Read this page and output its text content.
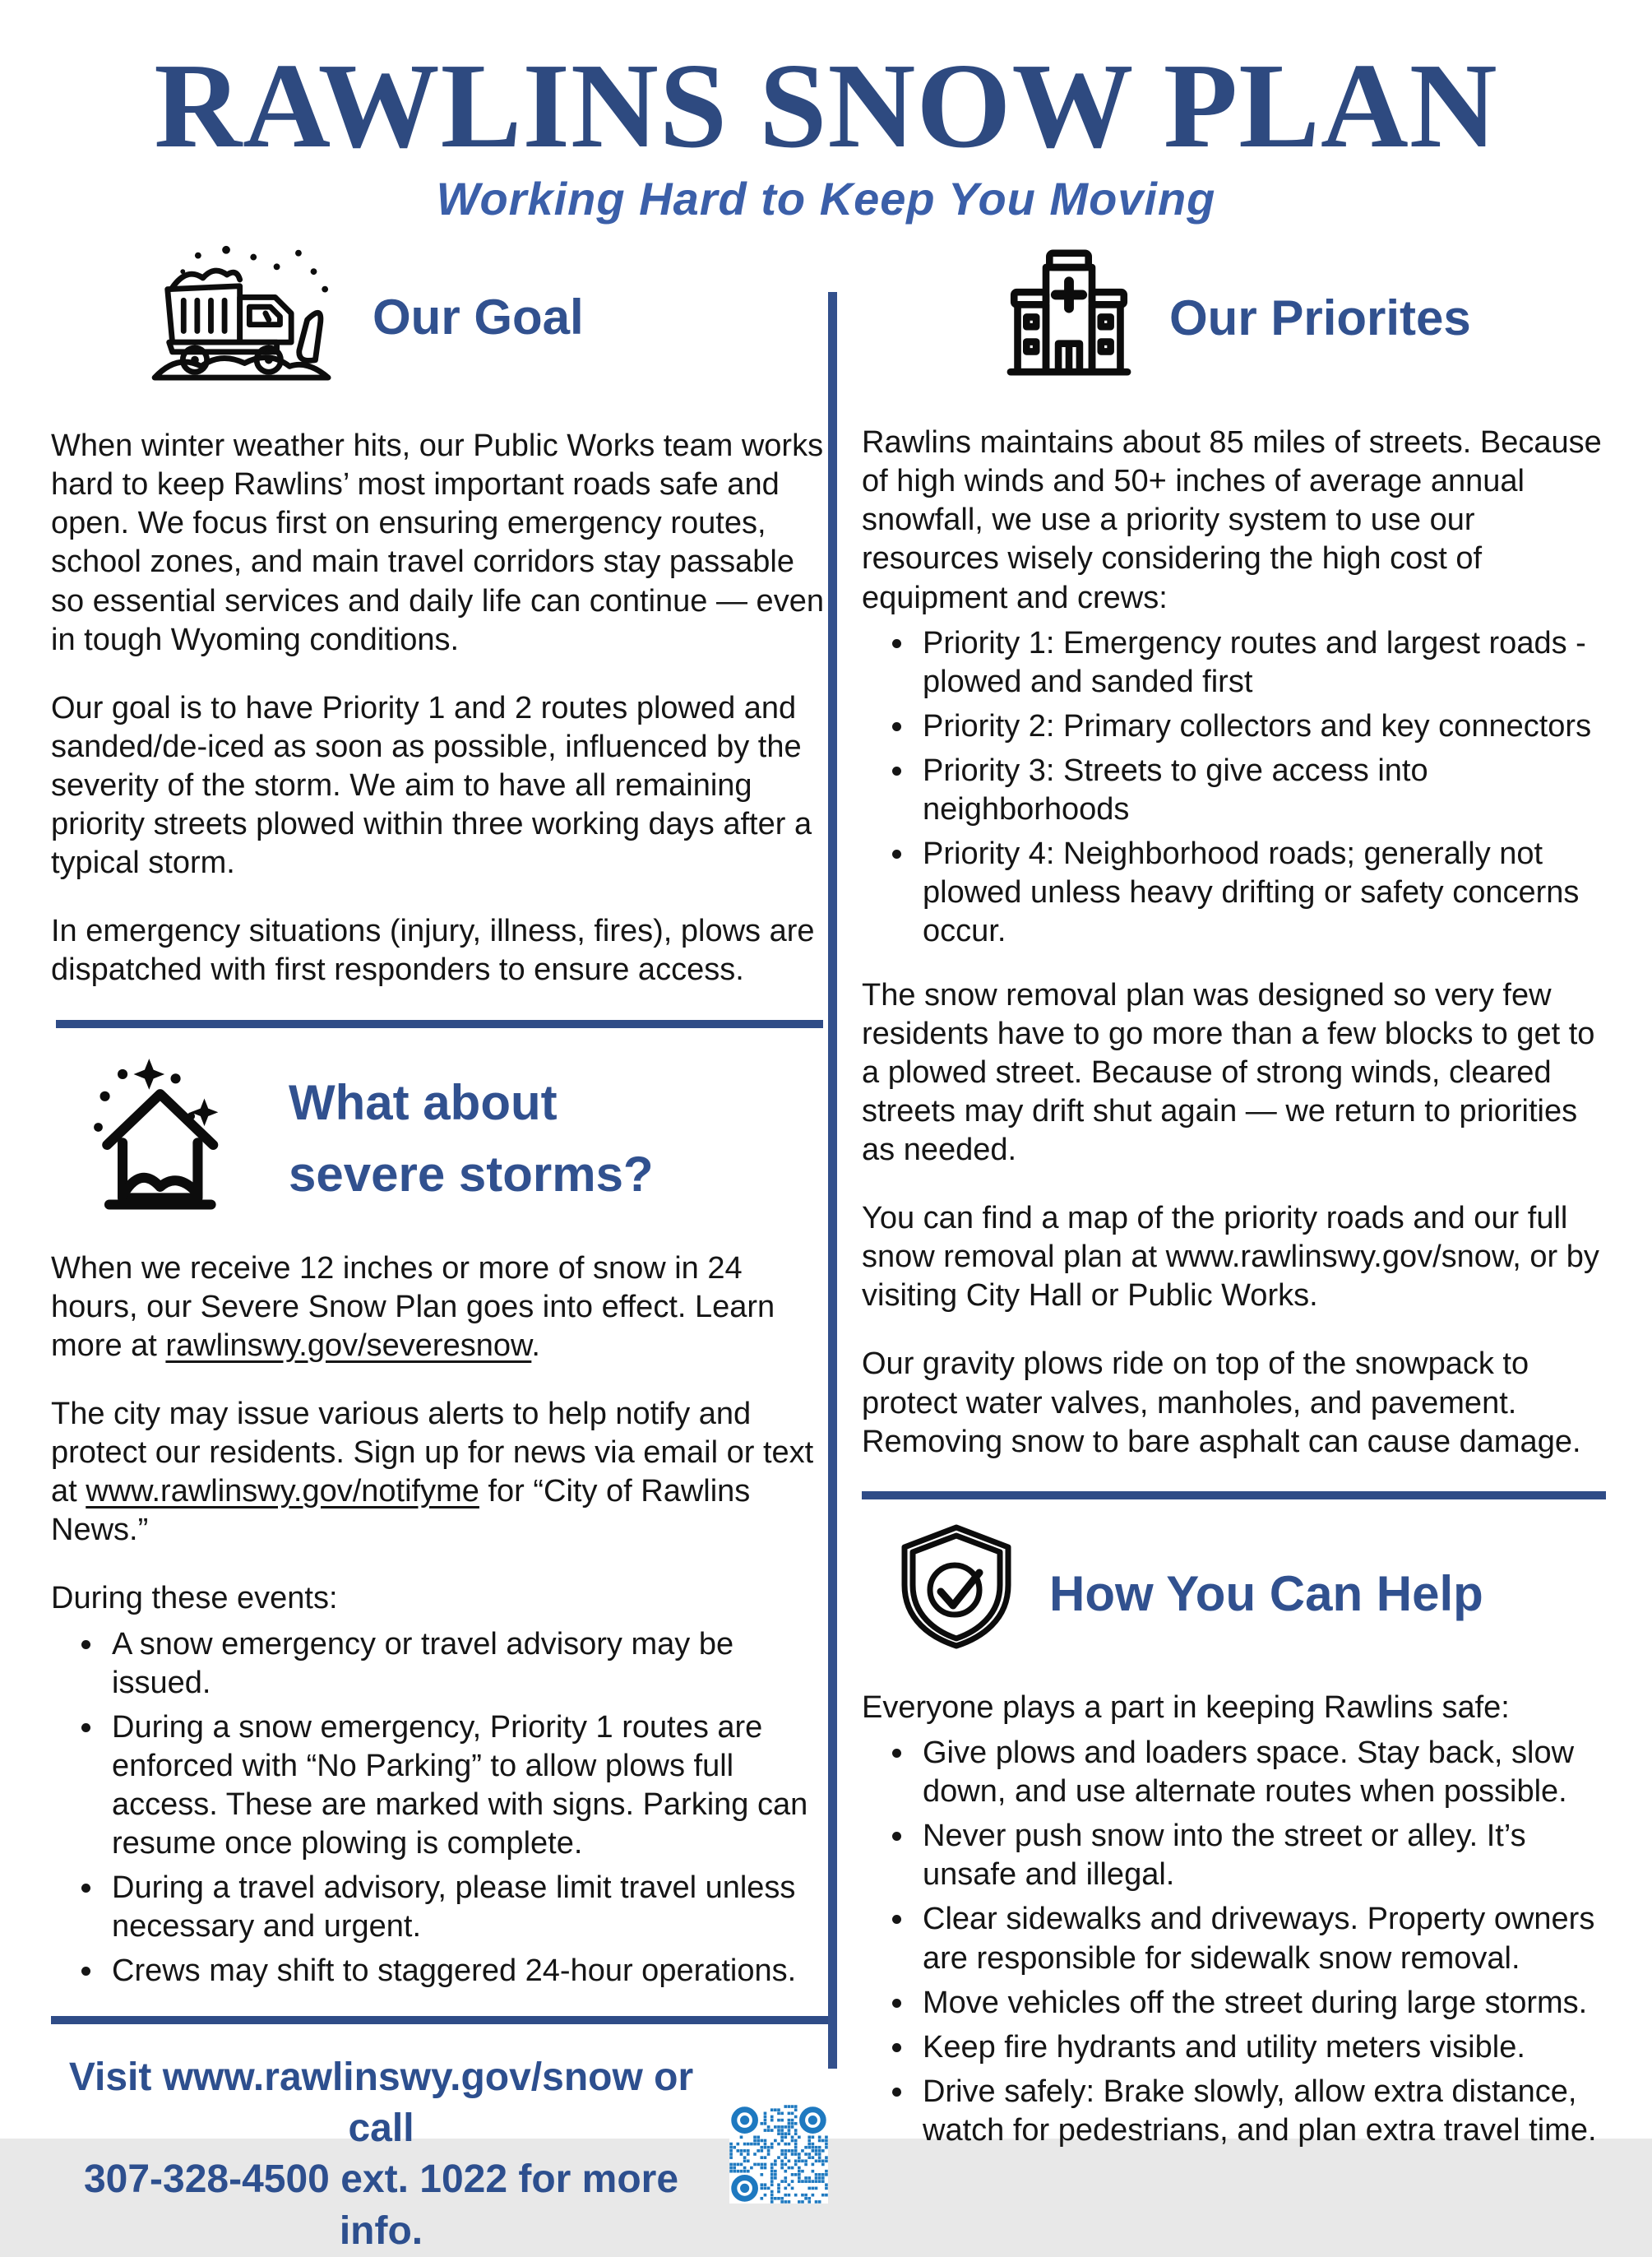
RAWLINS SNOW PLAN
Working Hard to Keep You Moving
Our Goal

When winter weather hits, our Public Works team works hard to keep Rawlins’ most important roads safe and open. We focus first on ensuring emergency routes, school zones, and main travel corridors stay passable so essential services and daily life can continue — even in tough Wyoming conditions.

Our goal is to have Priority 1 and 2 routes plowed and sanded/de-iced as soon as possible, influenced by the severity of the storm. We aim to have all remaining priority streets plowed within three working days after a typical storm.

In emergency situations (injury, illness, fires), plows are dispatched with first responders to ensure access.

What about
severe storms?

When we receive 12 inches or more of snow in 24 hours, our Severe Snow Plan goes into effect. Learn more at rawlinswy.gov/severesnow.

The city may issue various alerts to help notify and protect our residents. Sign up for news via email or text at www.rawlinswy.gov/notifyme for “City of Rawlins News.”

During these events:

• A snow emergency or travel advisory may be issued.
• During a snow emergency, Priority 1 routes are enforced with “No Parking” to allow plows full access. These are marked with signs. Parking can resume once plowing is complete.
• During a travel advisory, please limit travel unless necessary and urgent.
• Crews may shift to staggered 24-hour operations.
Visit www.rawlinswy.gov/snow or call
307-328-4500 ext. 1022 for more info.
Our Priorites

Rawlins maintains about 85 miles of streets. Because of high winds and 50+ inches of average annual snowfall, we use a priority system to use our resources wisely considering the high cost of equipment and crews:

• Priority 1: Emergency routes and largest roads - plowed and sanded first
• Priority 2: Primary collectors and key connectors
• Priority 3: Streets to give access into neighborhoods
• Priority 4: Neighborhood roads; generally not plowed unless heavy drifting or safety concerns occur.

The snow removal plan was designed so very few residents have to go more than a few blocks to get to a plowed street. Because of strong winds, cleared streets may drift shut again — we return to priorities as needed.

You can find a map of the priority roads and our full snow removal plan at www.rawlinswy.gov/snow, or by visiting City Hall or Public Works.

Our gravity plows ride on top of the snowpack to protect water valves, manholes, and pavement. Removing snow to bare asphalt can cause damage.

How You Can Help

Everyone plays a part in keeping Rawlins safe:

• Give plows and loaders space. Stay back, slow down, and use alternate routes when possible.
• Never push snow into the street or alley. It’s unsafe and illegal.
• Clear sidewalks and driveways. Property owners are responsible for sidewalk snow removal.
• Move vehicles off the street during large storms.
• Keep fire hydrants and utility meters visible.
• Drive safely: Brake slowly, allow extra distance, watch for pedestrians, and plan extra travel time.
